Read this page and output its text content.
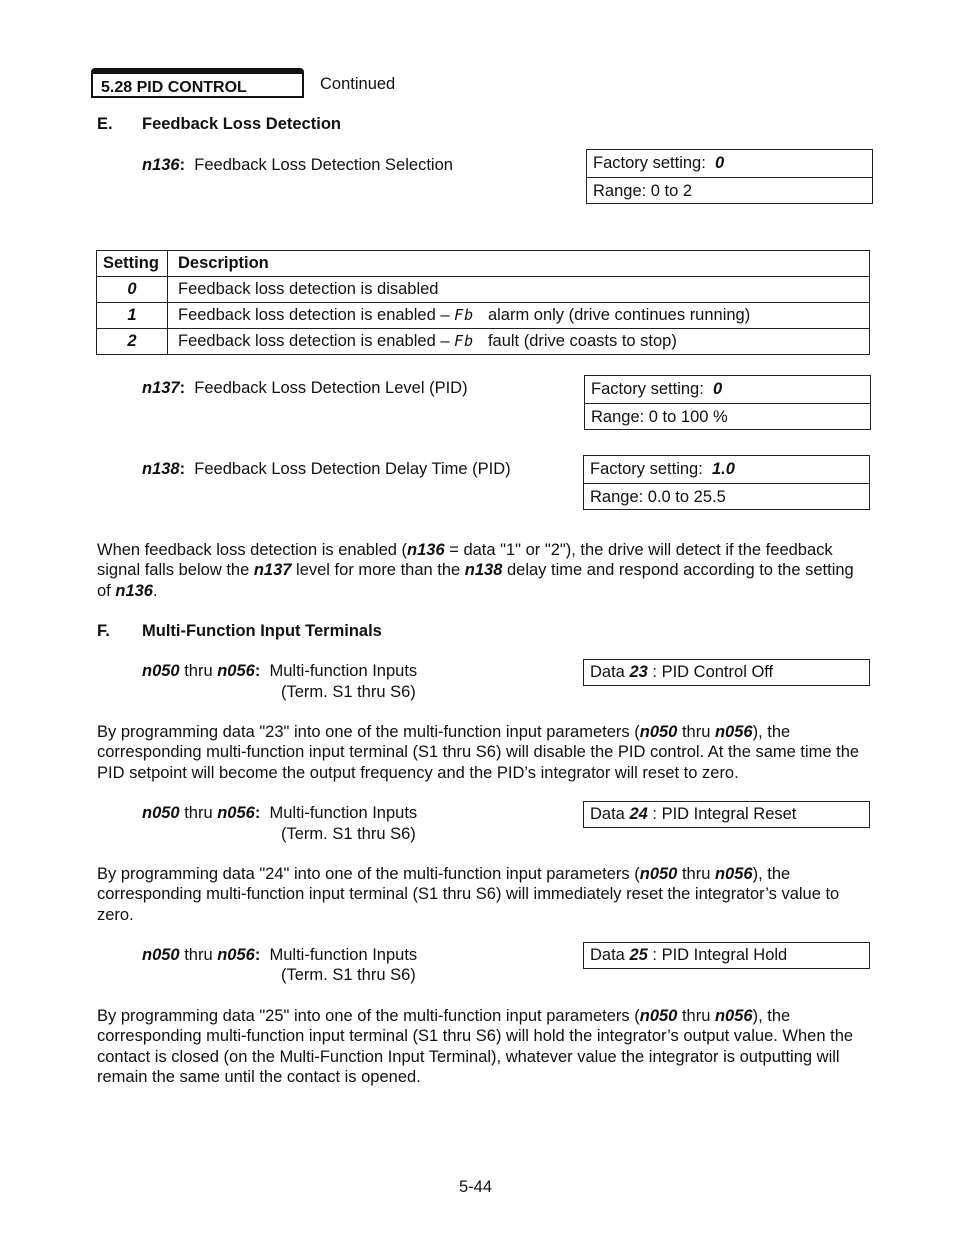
5.28 PID CONTROL	Continued
E. Feedback Loss Detection
n136: Feedback Loss Detection Selection	Factory setting: 0
Range: 0 to 2
Setting	Description
0	Feedback loss detection is disabled
1	Feedback loss detection is enabled – Fb alarm only (drive continues running)
2	Feedback loss detection is enabled – Fb fault (drive coasts to stop)
n137: Feedback Loss Detection Level (PID)	Factory setting: 0
Range: 0 to 100 %
n138: Feedback Loss Detection Delay Time (PID)	Factory setting: 1.0
Range: 0.0 to 25.5
When feedback loss detection is enabled (n136 = data "1" or "2"), the drive will detect if the feedback signal falls below the n137 level for more than the n138 delay time and respond according to the setting of n136.
F. Multi-Function Input Terminals
n050 thru n056: Multi-function Inputs
(Term. S1 thru S6)
Data 23 : PID Control Off
By programming data "23" into one of the multi-function input parameters (n050 thru n056), the corresponding multi-function input terminal (S1 thru S6) will disable the PID control. At the same time the PID setpoint will become the output frequency and the PID’s integrator will reset to zero.
n050 thru n056: Multi-function Inputs
(Term. S1 thru S6)
Data 24 : PID Integral Reset
By programming data "24" into one of the multi-function input parameters (n050 thru n056), the corresponding multi-function input terminal (S1 thru S6) will immediately reset the integrator’s value to zero.
n050 thru n056: Multi-function Inputs
(Term. S1 thru S6)
Data 25 : PID Integral Hold
By programming data "25" into one of the multi-function input parameters (n050 thru n056), the corresponding multi-function input terminal (S1 thru S6) will hold the integrator’s output value. When the contact is closed (on the Multi-Function Input Terminal), whatever value the integrator is outputting will remain the same until the contact is opened.
5-44
